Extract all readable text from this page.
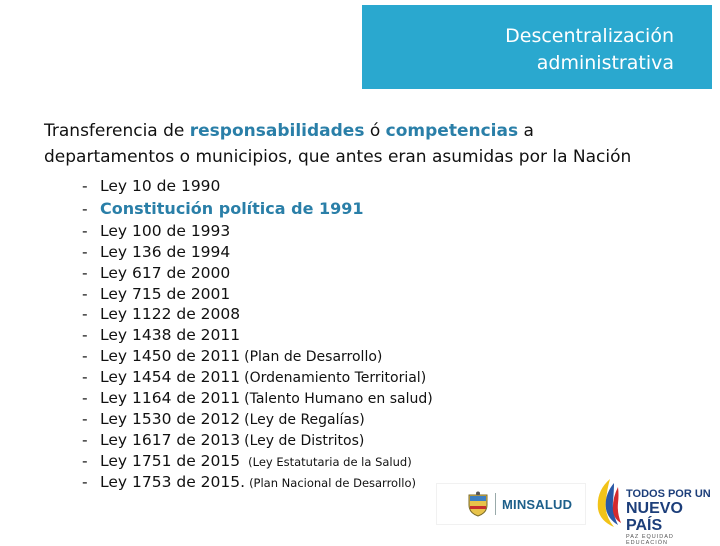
Descentralización
administrativa
Transferencia de responsabilidades ó competencias a
departamentos o municipios, que antes eran asumidas por la Nación
- Ley 10 de 1990
- Constitución política de 1991
- Ley 100 de 1993
- Ley 136 de 1994
- Ley 617 de 2000
- Ley 715 de 2001
- Ley 1122 de 2008
- Ley 1438 de 2011
- Ley 1450 de 2011 (Plan de Desarrollo)
- Ley 1454 de 2011 (Ordenamiento Territorial)
- Ley 1164 de 2011 (Talento Humano en salud)
- Ley 1530 de 2012 (Ley de Regalías)
- Ley 1617 de 2013 (Ley de Distritos)
- Ley 1751 de 2015 (Ley Estatutaria de la Salud)
- Ley 1753 de 2015. (Plan Nacional de Desarrollo)
MINSALUD
TODOS POR UN
NUEVO PAÍS
PAZ EQUIDAD EDUCACIÓN
